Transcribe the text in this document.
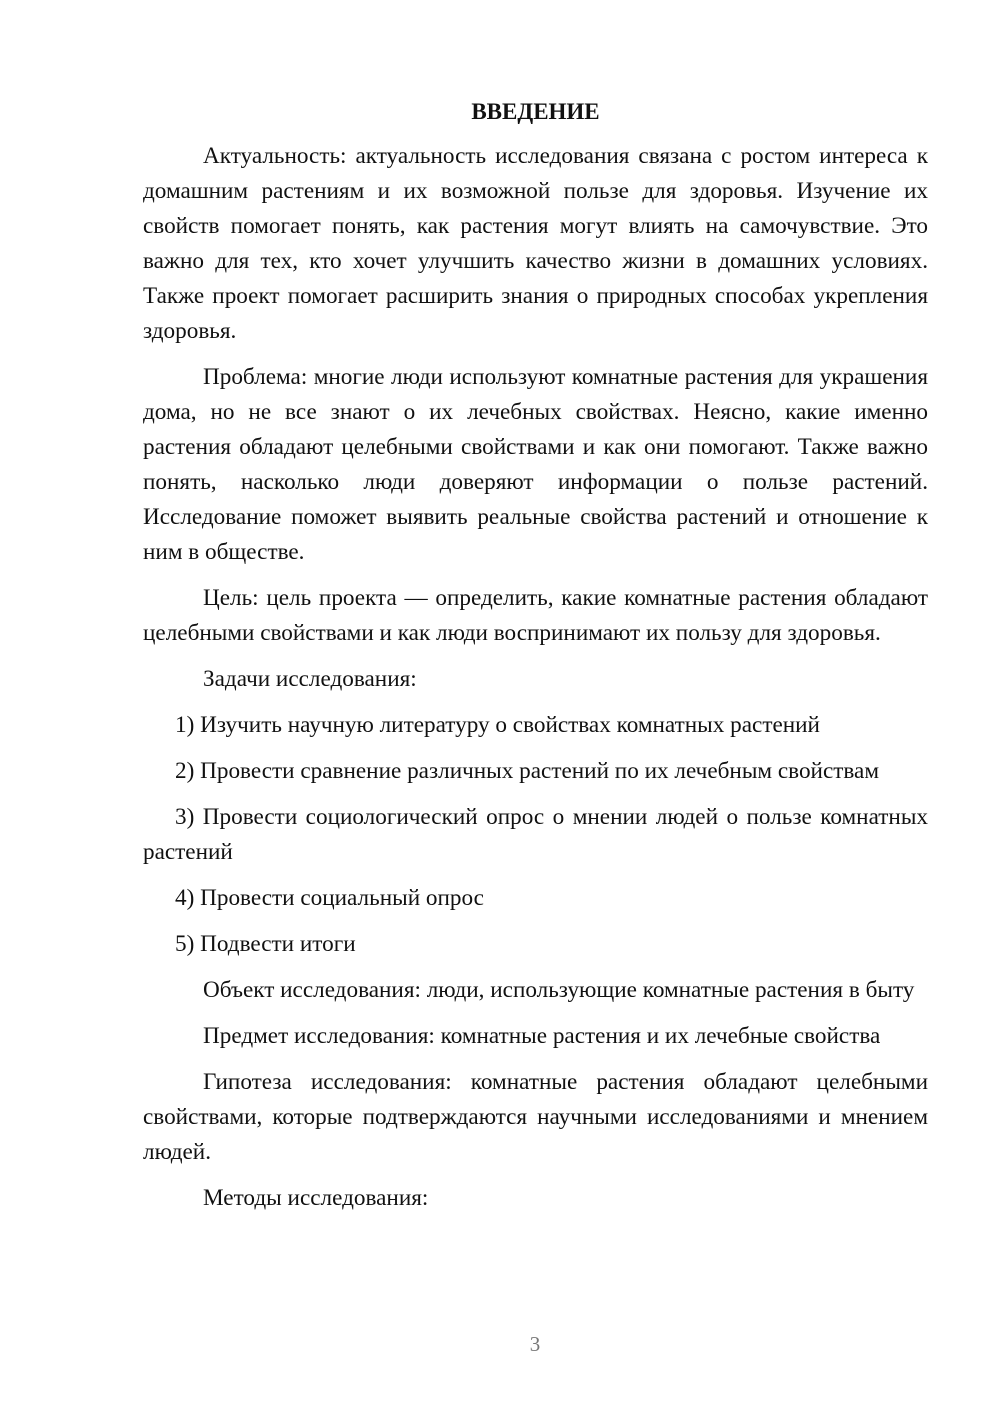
ВВЕДЕНИЕ

Актуальность: актуальность исследования связана с ростом интереса к домашним растениям и их возможной пользе для здоровья. Изучение их свойств помогает понять, как растения могут влиять на самочувствие. Это важно для тех, кто хочет улучшить качество жизни в домашних условиях. Также проект помогает расширить знания о природных способах укрепления здоровья.

Проблема: многие люди используют комнатные растения для украшения дома, но не все знают о их лечебных свойствах. Неясно, какие именно растения обладают целебными свойствами и как они помогают. Также важно понять, насколько люди доверяют информации о пользе растений. Исследование поможет выявить реальные свойства растений и отношение к ним в обществе.

Цель: цель проекта — определить, какие комнатные растения обладают целебными свойствами и как люди воспринимают их пользу для здоровья.

Задачи исследования:

1) Изучить научную литературу о свойствах комнатных растений

2) Провести сравнение различных растений по их лечебным свойствам

3) Провести социологический опрос о мнении людей о пользе комнатных растений

4) Провести социальный опрос

5) Подвести итоги

Объект исследования: люди, использующие комнатные растения в быту

Предмет исследования: комнатные растения и их лечебные свойства

Гипотеза исследования: комнатные растения обладают целебными свойствами, которые подтверждаются научными исследованиями и мнением людей.

Методы исследования:

3
